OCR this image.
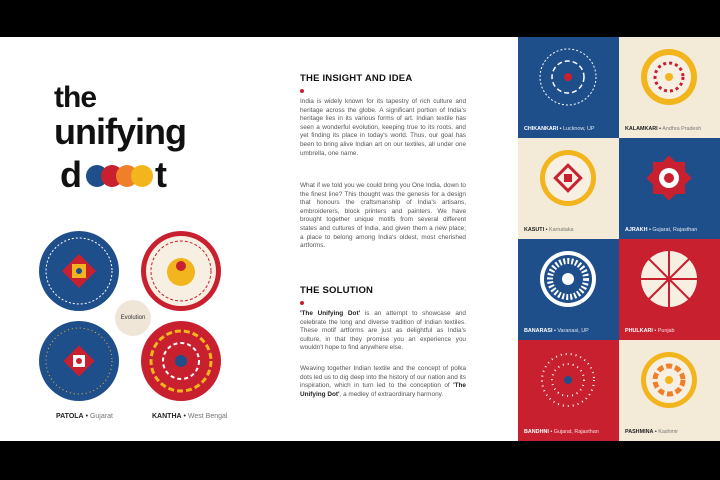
the
unifying
d t
Evolution
PATOLA • Gujarat	KANTHA • West Bengal
THE INSIGHT AND IDEA
India is widely known for its tapestry of rich culture and heritage across the globe. A significant portion of India's heritage lies in its various forms of art. Indian textile has seen a wonderful evolution, keeping true to its roots, and yet finding its place in today's world. Thus, our goal has been to bring alive Indian art on our textiles, all under one umbrella, one name.
What if we told you we could bring you One India, down to the finest line? This thought was the genesis for a design that honours the craftsmanship of India's artisans, embroiderers, block printers and painters. We have brought together unique motifs from several different states and cultures of India, and given them a new place; a place to belong among India's oldest, most cherished artforms.
THE SOLUTION
'The Unifying Dot' is an attempt to showcase and celebrate the long and diverse tradition of Indian textiles. These motif artforms are just as delightful as India's culture, in that they promise you an experience you wouldn't hope to find anywhere else.
Weaving together Indian textile and the concept of polka dots led us to dig deep into the history of our nation and its inspiration, which in turn led to the conception of 'The Unifying Dot', a medley of extraordinary harmony.
CHIKANKARI • Lucknow, UP	KALAMKARI • Andhra Pradesh
KASUTI • Karnataka	AJRAKH • Gujarat, Rajasthan
BANARASI • Varanasi, UP	PHULKARI • Punjab
BANDHNI • Gujarat, Rajasthan	PASHMINA • Kashmir
